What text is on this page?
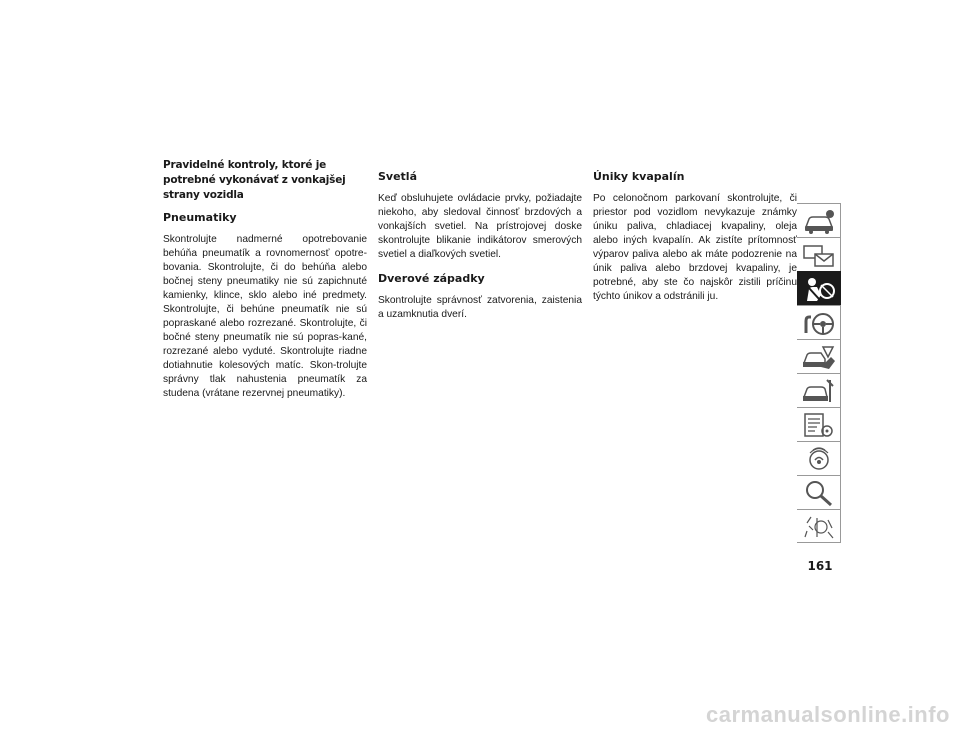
Pravidelné kontroly, ktoré je potrebné vykonávať z vonkajšej strany vozidla

Pneumatiky

Skontrolujte nadmerné opotrebovanie behúňa pneumatík a rovnomernosť opotre-bovania. Skontrolujte, či do behúňa alebo bočnej steny pneumatiky nie sú zapichnuté kamienky, klince, sklo alebo iné predmety. Skontrolujte, či behúne pneumatík nie sú popraskané alebo rozrezané. Skontrolujte, či bočné steny pneumatík nie sú popras-kané, rozrezané alebo vyduté. Skontrolujte riadne dotiahnutie kolesových matíc. Skon-trolujte správny tlak nahustenia pneumatík za studena (vrátane rezervnej pneumatiky).

Svetlá

Keď obsluhujete ovládacie prvky, požiadajte niekoho, aby sledoval činnosť brzdových a vonkajších svetiel. Na prístrojovej doske skontrolujte blikanie indikátorov smerových svetiel a diaľkových svetiel.

Dverové západky

Skontrolujte správnosť zatvorenia, zaistenia a uzamknutia dverí.

Úniky kvapalín

Po celonočnom parkovaní skontrolujte, či priestor pod vozidlom nevykazuje známky úniku paliva, chladiacej kvapaliny, oleja alebo iných kvapalín. Ak zistíte prítomnosť výparov paliva alebo ak máte podozrenie na únik paliva alebo brzdovej kvapaliny, je potrebné, aby ste čo najskôr zistili príčinu týchto únikov a odstránili ju.

161
carmanualsonline.info
